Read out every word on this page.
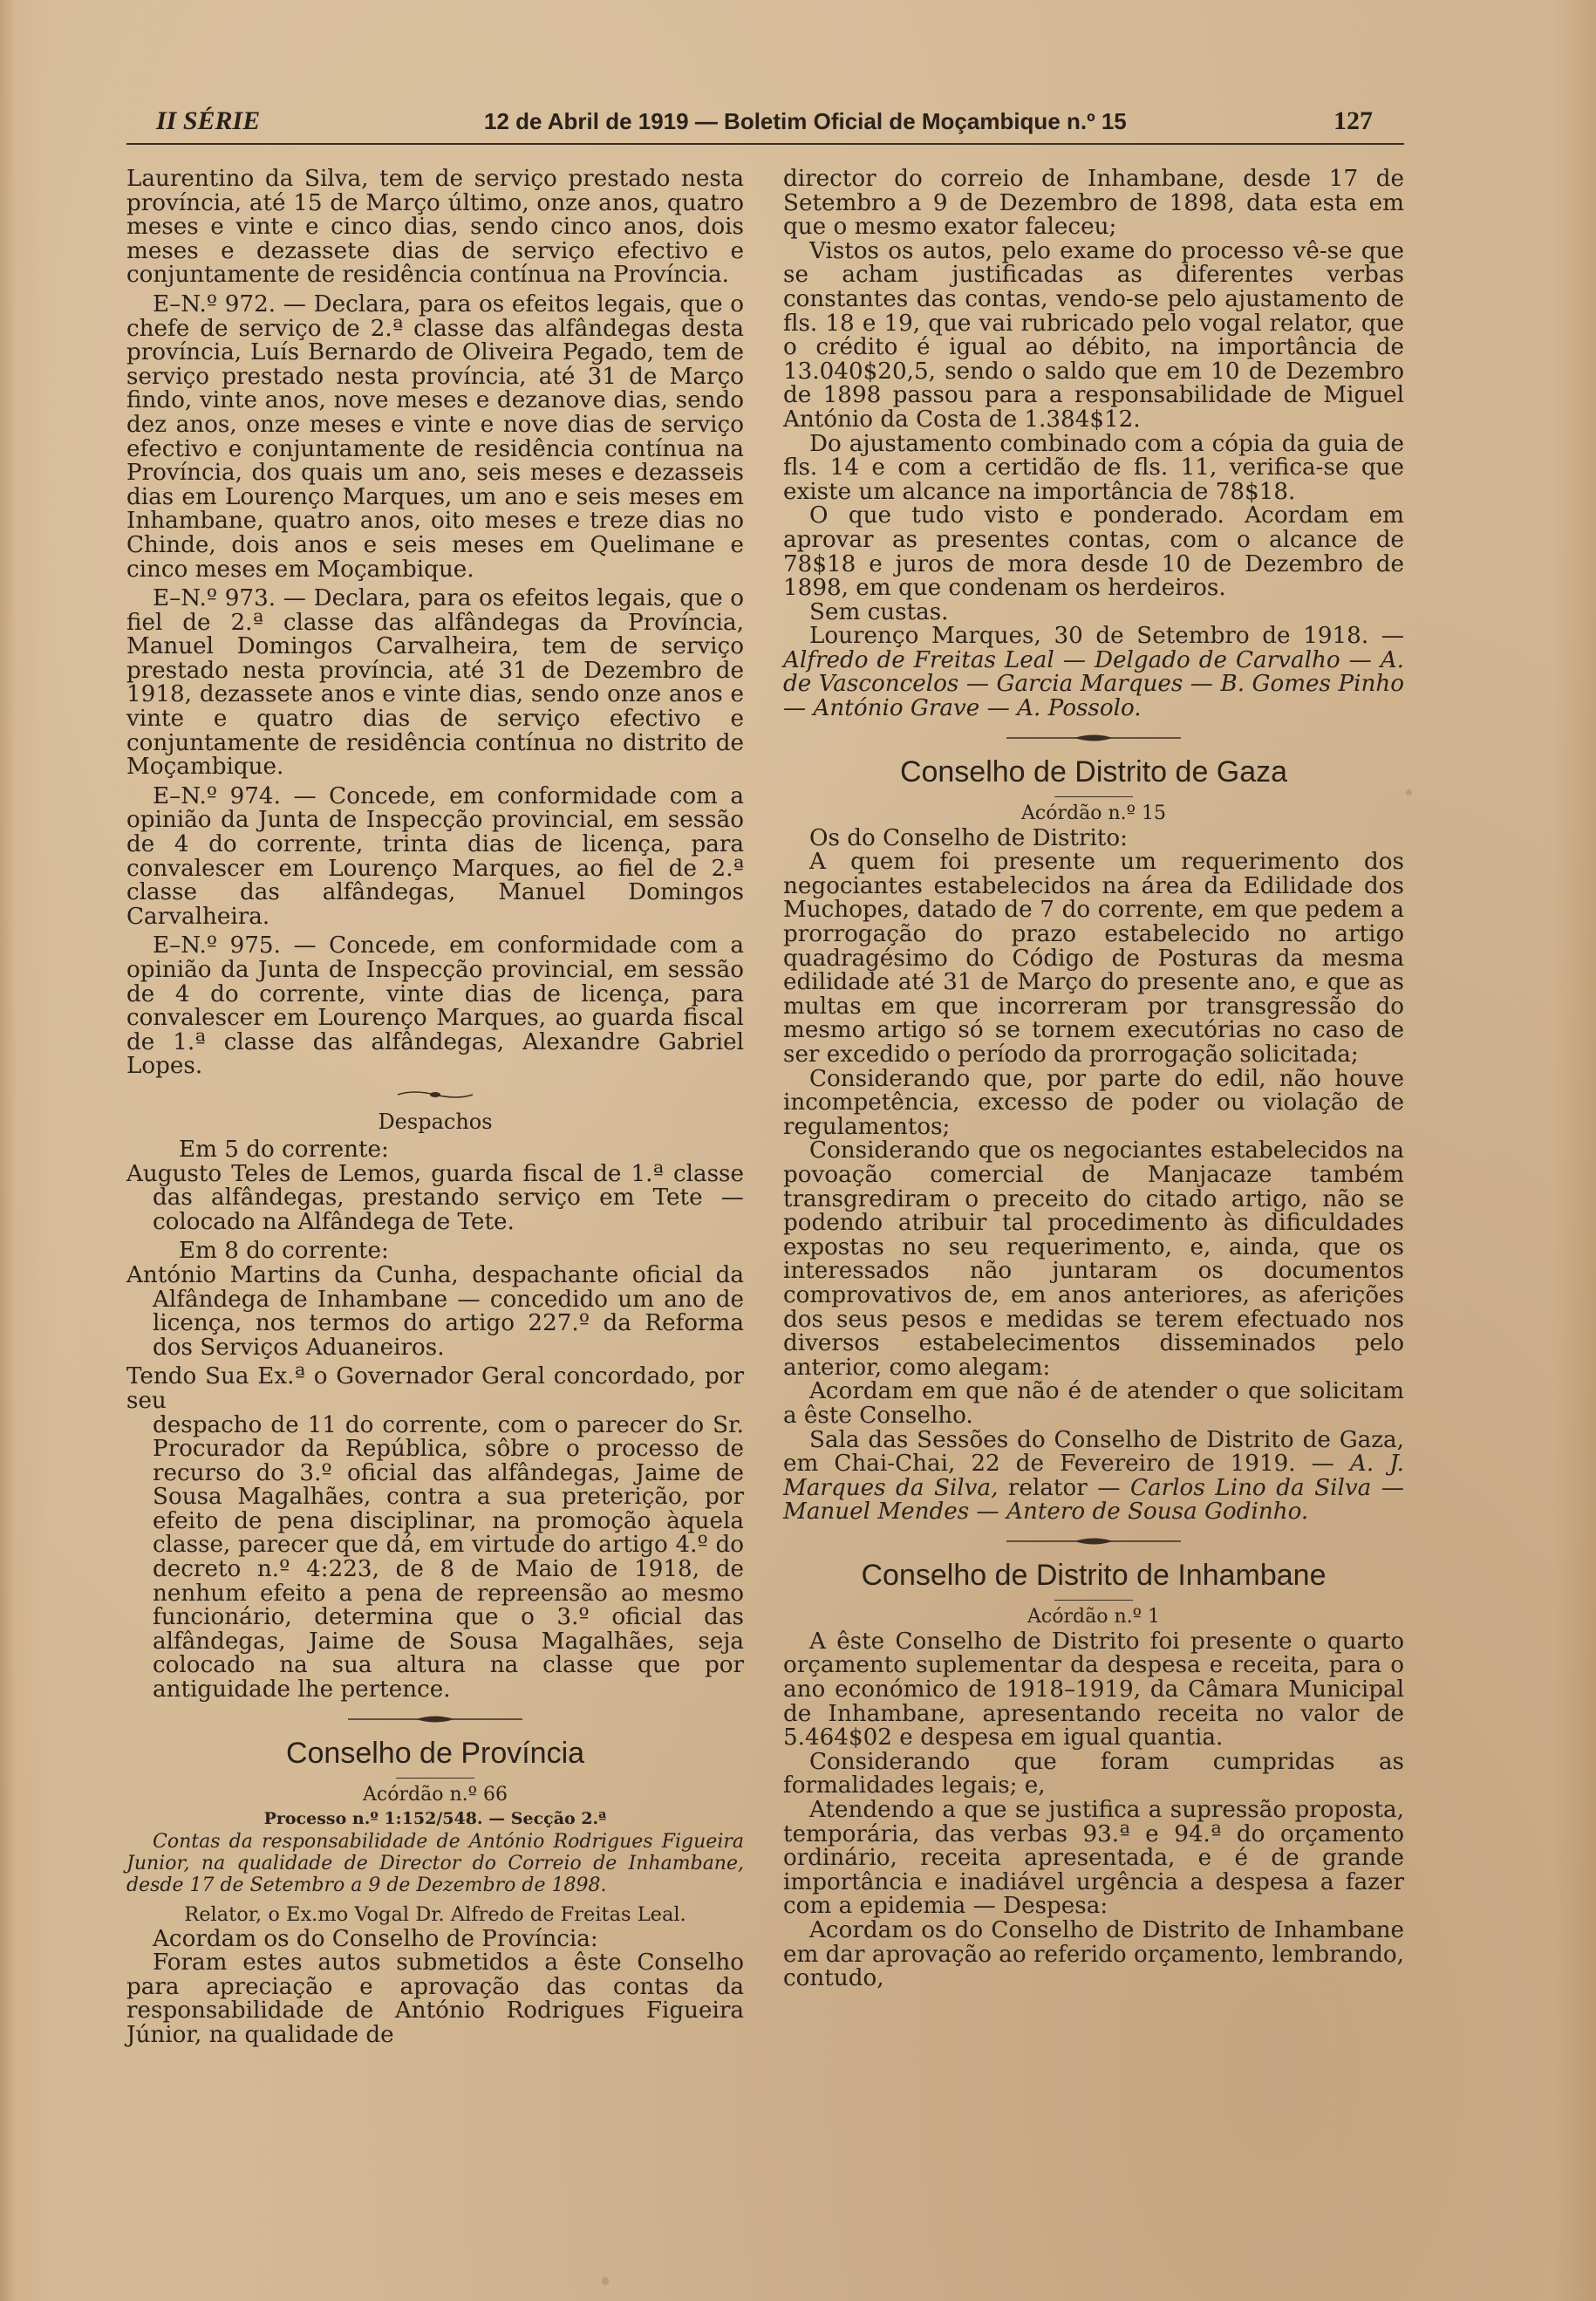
II SÉRIE	12 de Abril de 1919 — Boletim Oficial de Moçambique n.º 15	127

Laurentino da Silva, tem de serviço prestado nesta província, até 15 de Março último, onze anos, quatro meses e vinte e cinco dias, sendo cinco anos, dois meses e dezassete dias de serviço efectivo e conjuntamente de residência contínua na Província.

E–N.º 972. — Declara, para os efeitos legais, que o chefe de serviço de 2.ª classe das alfândegas desta província, Luís Bernardo de Oliveira Pegado, tem de serviço prestado nesta província, até 31 de Março findo, vinte anos, nove meses e dezanove dias, sendo dez anos, onze meses e vinte e nove dias de serviço efectivo e conjuntamente de residência contínua na Província, dos quais um ano, seis meses e dezasseis dias em Lourenço Marques, um ano e seis meses em Inhambane, quatro anos, oito meses e treze dias no Chinde, dois anos e seis meses em Quelimane e cinco meses em Moçambique.

E–N.º 973. — Declara, para os efeitos legais, que o fiel de 2.ª classe das alfândegas da Província, Manuel Domingos Carvalheira, tem de serviço prestado nesta província, até 31 de Dezembro de 1918, dezassete anos e vinte dias, sendo onze anos e vinte e quatro dias de serviço efectivo e conjuntamente de residência contínua no distrito de Moçambique.

E–N.º 974. — Concede, em conformidade com a opinião da Junta de Inspecção provincial, em sessão de 4 do corrente, trinta dias de licença, para convalescer em Lourenço Marques, ao fiel de 2.ª classe das alfândegas, Manuel Domingos Carvalheira.

E–N.º 975. — Concede, em conformidade com a opinião da Junta de Inspecção provincial, em sessão de 4 do corrente, vinte dias de licença, para convalescer em Lourenço Marques, ao guarda fiscal de 1.ª classe das alfândegas, Alexandre Gabriel Lopes.

Despachos

Em 5 do corrente:

Augusto Teles de Lemos, guarda fiscal de 1.ª classe das alfândegas, prestando serviço em Tete — colocado na Alfândega de Tete.

Em 8 do corrente:

António Martins da Cunha, despachante oficial da Alfândega de Inhambane — concedido um ano de licença, nos termos do artigo 227.º da Reforma dos Serviços Aduaneiros.

Tendo Sua Ex.ª o Governador Geral concordado, por seu

despacho de 11 do corrente, com o parecer do Sr. Procurador da República, sôbre o processo de recurso do 3.º oficial das alfândegas, Jaime de Sousa Magalhães, contra a sua preterição, por efeito de pena disciplinar, na promoção àquela classe, parecer que dá, em virtude do artigo 4.º do decreto n.º 4:223, de 8 de Maio de 1918, de nenhum efeito a pena de repreensão ao mesmo funcionário, determina que o 3.º oficial das alfândegas, Jaime de Sousa Magalhães, seja colocado na sua altura na classe que por antiguidade lhe pertence.

Conselho de Província
Acórdão n.º 66
Processo n.º 1:152/548. — Secção 2.ª
Contas da responsabilidade de António Rodrigues Figueira Junior, na qualidade de Director do Correio de Inhambane, desde 17 de Setembro a 9 de Dezembro de 1898.
Relator, o Ex.mo Vogal Dr. Alfredo de Freitas Leal.

Acordam os do Conselho de Província:

Foram estes autos submetidos a êste Conselho para apreciação e aprovação das contas da responsabilidade de António Rodrigues Figueira Júnior, na qualidade de

director do correio de Inhambane, desde 17 de Setembro a 9 de Dezembro de 1898, data esta em que o mesmo exator faleceu;

Vistos os autos, pelo exame do processo vê-se que se acham justificadas as diferentes verbas constantes das contas, vendo-se pelo ajustamento de fls. 18 e 19, que vai rubricado pelo vogal relator, que o crédito é igual ao débito, na importância de 13.040$20,5, sendo o saldo que em 10 de Dezembro de 1898 passou para a responsabilidade de Miguel António da Costa de 1.384$12.

Do ajustamento combinado com a cópia da guia de fls. 14 e com a certidão de fls. 11, verifica-se que existe um alcance na importância de 78$18.

O que tudo visto e ponderado. Acordam em aprovar as presentes contas, com o alcance de 78$18 e juros de mora desde 10 de Dezembro de 1898, em que condenam os herdeiros.

Sem custas.

Lourenço Marques, 30 de Setembro de 1918. — Alfredo de Freitas Leal — Delgado de Carvalho — A. de Vasconcelos — Garcia Marques — B. Gomes Pinho — António Grave — A. Possolo.

Conselho de Distrito de Gaza
Acórdão n.º 15

Os do Conselho de Distrito:

A quem foi presente um requerimento dos negociantes estabelecidos na área da Edilidade dos Muchopes, datado de 7 do corrente, em que pedem a prorrogação do prazo estabelecido no artigo quadragésimo do Código de Posturas da mesma edilidade até 31 de Março do presente ano, e que as multas em que incorreram por transgressão do mesmo artigo só se tornem executórias no caso de ser excedido o período da prorrogação solicitada;

Considerando que, por parte do edil, não houve incompetência, excesso de poder ou violação de regulamentos;

Considerando que os negociantes estabelecidos na povoação comercial de Manjacaze também transgrediram o preceito do citado artigo, não se podendo atribuir tal procedimento às dificuldades expostas no seu requerimento, e, ainda, que os interessados não juntaram os documentos comprovativos de, em anos anteriores, as aferições dos seus pesos e medidas se terem efectuado nos diversos estabelecimentos disseminados pelo anterior, como alegam:

Acordam em que não é de atender o que solicitam a êste Conselho.

Sala das Sessões do Conselho de Distrito de Gaza, em Chai-Chai, 22 de Fevereiro de 1919. — A. J. Marques da Silva, relator — Carlos Lino da Silva — Manuel Mendes — Antero de Sousa Godinho.

Conselho de Distrito de Inhambane
Acórdão n.º 1

A êste Conselho de Distrito foi presente o quarto orçamento suplementar da despesa e receita, para o ano económico de 1918–1919, da Câmara Municipal de Inhambane, apresentando receita no valor de 5.464$02 e despesa em igual quantia.

Considerando que foram cumpridas as formalidades legais; e,

Atendendo a que se justifica a supressão proposta, temporária, das verbas 93.ª e 94.ª do orçamento ordinário, receita apresentada, e é de grande importância e inadiável urgência a despesa a fazer com a epidemia — Despesa:

Acordam os do Conselho de Distrito de Inhambane em dar aprovação ao referido orçamento, lembrando, contudo,
